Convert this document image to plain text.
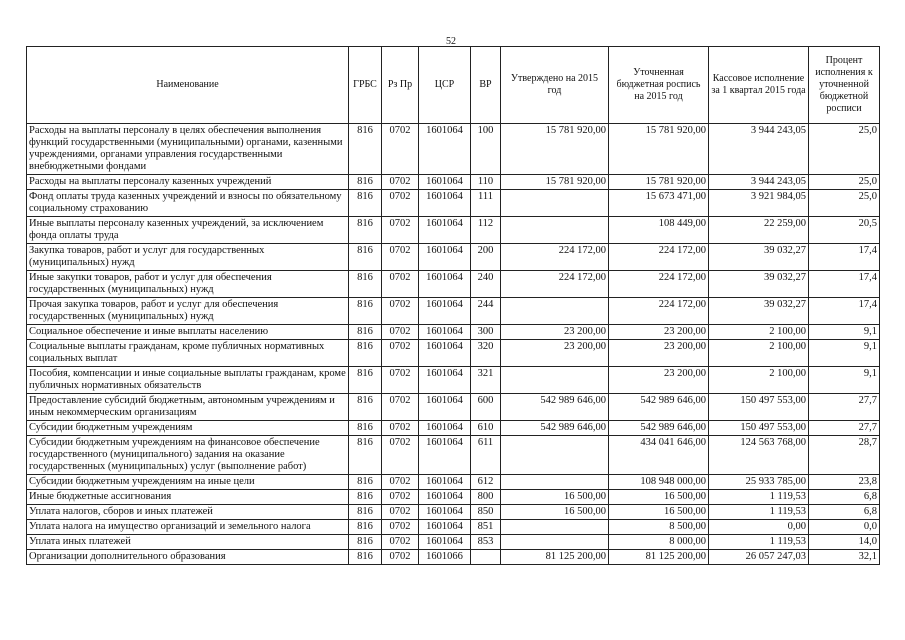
52
Наименование	ГРБС	Рз Пр	ЦСР	ВР	Утверждено на 2015 год	Уточненная бюджетная роспись на 2015 год	Кассовое исполнение за 1 квартал 2015 года	Процент исполнения к уточненной бюджетной росписи
Расходы на выплаты персоналу в целях обеспечения выполнения функций государственными (муниципальными) органами, казенными учреждениями, органами управления государственными внебюджетными фондами	816	0702	1601064	100	15 781 920,00	15 781 920,00	3 944 243,05	25,0
Расходы на выплаты персоналу казенных учреждений	816	0702	1601064	110	15 781 920,00	15 781 920,00	3 944 243,05	25,0
Фонд оплаты труда казенных учреждений и взносы по обязательному социальному страхованию	816	0702	1601064	111		15 673 471,00	3 921 984,05	25,0
Иные выплаты персоналу казенных учреждений, за исключением фонда оплаты труда	816	0702	1601064	112		108 449,00	22 259,00	20,5
Закупка товаров, работ и услуг для государственных (муниципальных) нужд	816	0702	1601064	200	224 172,00	224 172,00	39 032,27	17,4
Иные закупки товаров, работ и услуг для обеспечения государственных (муниципальных) нужд	816	0702	1601064	240	224 172,00	224 172,00	39 032,27	17,4
Прочая закупка товаров, работ и услуг для обеспечения государственных (муниципальных) нужд	816	0702	1601064	244		224 172,00	39 032,27	17,4
Социальное обеспечение и иные выплаты населению	816	0702	1601064	300	23 200,00	23 200,00	2 100,00	9,1
Социальные выплаты гражданам, кроме публичных нормативных социальных выплат	816	0702	1601064	320	23 200,00	23 200,00	2 100,00	9,1
Пособия, компенсации и иные социальные выплаты гражданам, кроме публичных нормативных обязательств	816	0702	1601064	321		23 200,00	2 100,00	9,1
Предоставление субсидий бюджетным, автономным учреждениям и иным некоммерческим организациям	816	0702	1601064	600	542 989 646,00	542 989 646,00	150 497 553,00	27,7
Субсидии бюджетным учреждениям	816	0702	1601064	610	542 989 646,00	542 989 646,00	150 497 553,00	27,7
Субсидии бюджетным учреждениям на финансовое обеспечение государственного (муниципального) задания на оказание государственных (муниципальных) услуг (выполнение работ)	816	0702	1601064	611		434 041 646,00	124 563 768,00	28,7
Субсидии бюджетным учреждениям на иные цели	816	0702	1601064	612		108 948 000,00	25 933 785,00	23,8
Иные бюджетные ассигнования	816	0702	1601064	800	16 500,00	16 500,00	1 119,53	6,8
Уплата налогов, сборов и иных платежей	816	0702	1601064	850	16 500,00	16 500,00	1 119,53	6,8
Уплата налога на имущество организаций и земельного налога	816	0702	1601064	851		8 500,00	0,00	0,0
Уплата иных платежей	816	0702	1601064	853		8 000,00	1 119,53	14,0
Организации дополнительного образования	816	0702	1601066		81 125 200,00	81 125 200,00	26 057 247,03	32,1
